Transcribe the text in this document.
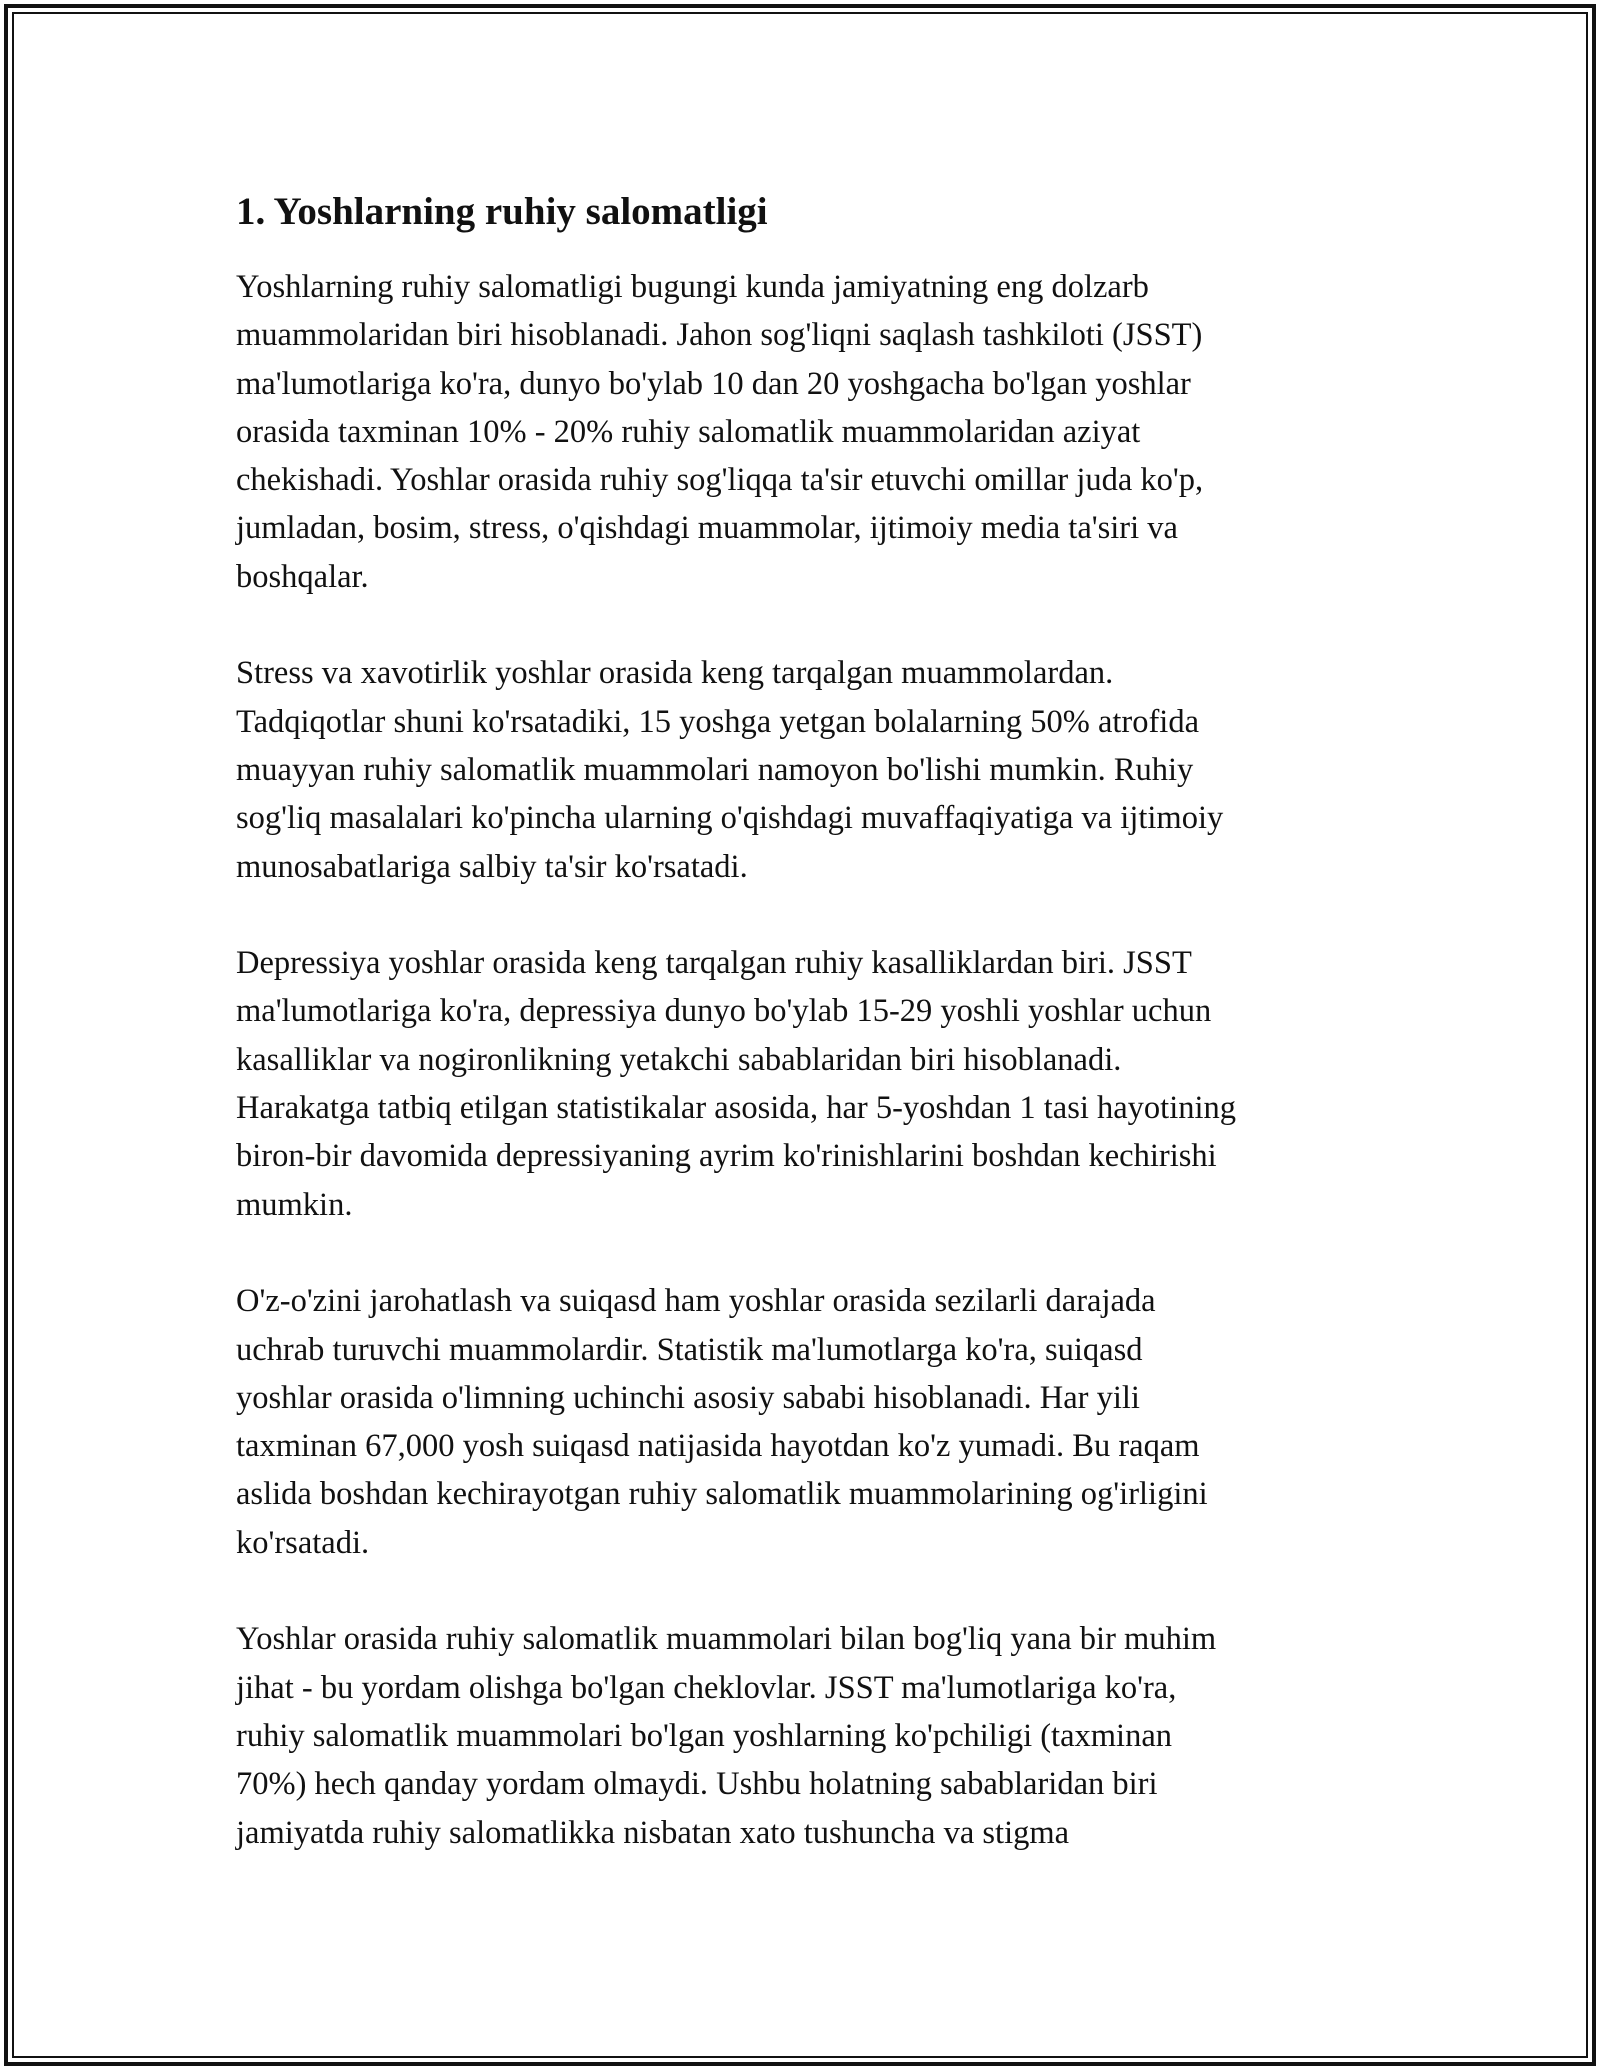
1. Yoshlarning ruhiy salomatligi

Yoshlarning ruhiy salomatligi bugungi kunda jamiyatning eng dolzarb
muammolaridan biri hisoblanadi. Jahon sog'liqni saqlash tashkiloti (JSST)
ma'lumotlariga ko'ra, dunyo bo'ylab 10 dan 20 yoshgacha bo'lgan yoshlar
orasida taxminan 10% - 20% ruhiy salomatlik muammolaridan aziyat
chekishadi. Yoshlar orasida ruhiy sog'liqqa ta'sir etuvchi omillar juda ko'p,
jumladan, bosim, stress, o'qishdagi muammolar, ijtimoiy media ta'siri va
boshqalar.

Stress va xavotirlik yoshlar orasida keng tarqalgan muammolardan.
Tadqiqotlar shuni ko'rsatadiki, 15 yoshga yetgan bolalarning 50% atrofida
muayyan ruhiy salomatlik muammolari namoyon bo'lishi mumkin. Ruhiy
sog'liq masalalari ko'pincha ularning o'qishdagi muvaffaqiyatiga va ijtimoiy
munosabatlariga salbiy ta'sir ko'rsatadi.

Depressiya yoshlar orasida keng tarqalgan ruhiy kasalliklardan biri. JSST
ma'lumotlariga ko'ra, depressiya dunyo bo'ylab 15-29 yoshli yoshlar uchun
kasalliklar va nogironlikning yetakchi sabablaridan biri hisoblanadi.
Harakatga tatbiq etilgan statistikalar asosida, har 5-yoshdan 1 tasi hayotining
biron-bir davomida depressiyaning ayrim ko'rinishlarini boshdan kechirishi
mumkin.

O'z-o'zini jarohatlash va suiqasd ham yoshlar orasida sezilarli darajada
uchrab turuvchi muammolardir. Statistik ma'lumotlarga ko'ra, suiqasd
yoshlar orasida o'limning uchinchi asosiy sababi hisoblanadi. Har yili
taxminan 67,000 yosh suiqasd natijasida hayotdan ko'z yumadi. Bu raqam
aslida boshdan kechirayotgan ruhiy salomatlik muammolarining og'irligini
ko'rsatadi.

Yoshlar orasida ruhiy salomatlik muammolari bilan bog'liq yana bir muhim
jihat - bu yordam olishga bo'lgan cheklovlar. JSST ma'lumotlariga ko'ra,
ruhiy salomatlik muammolari bo'lgan yoshlarning ko'pchiligi (taxminan
70%) hech qanday yordam olmaydi. Ushbu holatning sabablaridan biri
jamiyatda ruhiy salomatlikka nisbatan xato tushuncha va stigma
